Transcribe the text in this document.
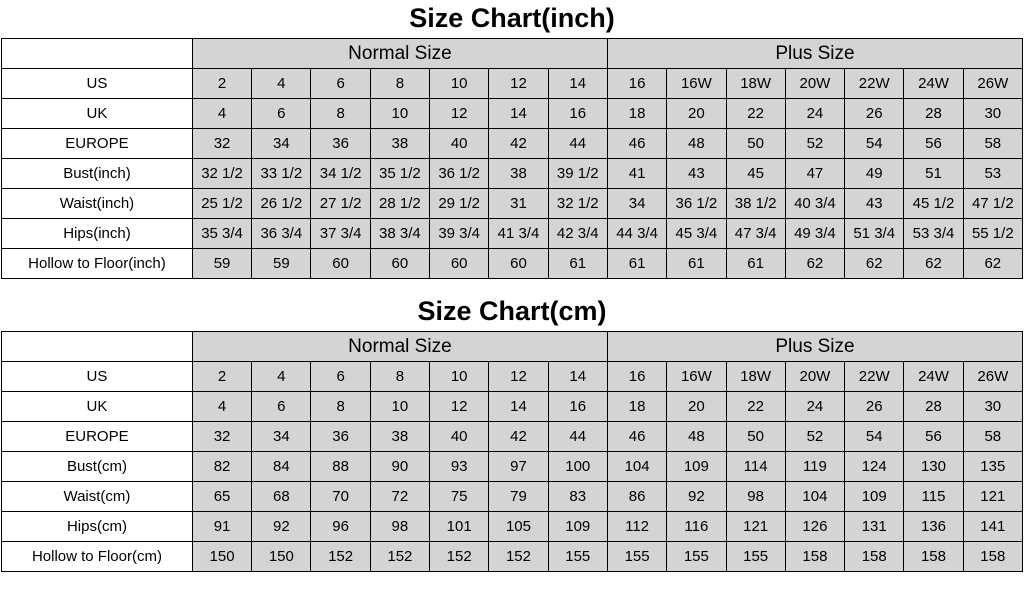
Size Chart(inch)
	Normal Size							Plus Size						
US	2	4	6	8	10	12	14	16	16W	18W	20W	22W	24W	26W
UK	4	6	8	10	12	14	16	18	20	22	24	26	28	30
EUROPE	32	34	36	38	40	42	44	46	48	50	52	54	56	58
Bust(inch)	32 1/2	33 1/2	34 1/2	35 1/2	36 1/2	38	39 1/2	41	43	45	47	49	51	53
Waist(inch)	25 1/2	26 1/2	27 1/2	28 1/2	29 1/2	31	32 1/2	34	36 1/2	38 1/2	40 3/4	43	45 1/2	47 1/2
Hips(inch)	35 3/4	36 3/4	37 3/4	38 3/4	39 3/4	41 3/4	42 3/4	44 3/4	45 3/4	47 3/4	49 3/4	51 3/4	53 3/4	55 1/2
Hollow to Floor(inch)	59	59	60	60	60	60	61	61	61	61	62	62	62	62
Size Chart(cm)
	Normal Size							Plus Size						
US	2	4	6	8	10	12	14	16	16W	18W	20W	22W	24W	26W
UK	4	6	8	10	12	14	16	18	20	22	24	26	28	30
EUROPE	32	34	36	38	40	42	44	46	48	50	52	54	56	58
Bust(cm)	82	84	88	90	93	97	100	104	109	114	119	124	130	135
Waist(cm)	65	68	70	72	75	79	83	86	92	98	104	109	115	121
Hips(cm)	91	92	96	98	101	105	109	112	116	121	126	131	136	141
Hollow to Floor(cm)	150	150	152	152	152	152	155	155	155	155	158	158	158	158
